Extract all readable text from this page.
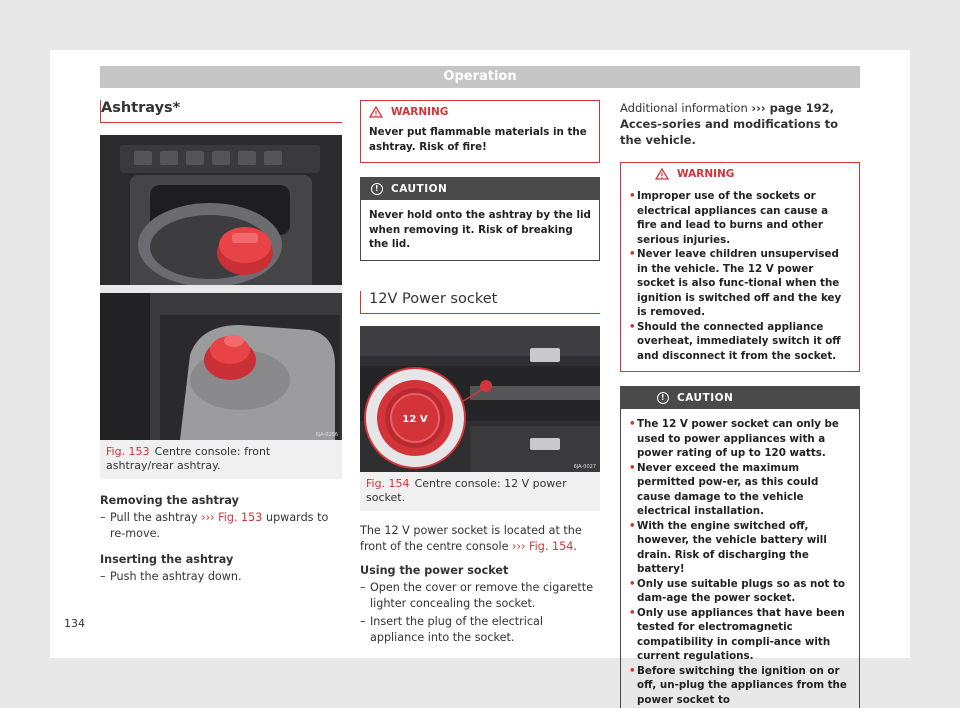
Operation
Ashtrays*
6JA-0256
Fig. 153 Centre console: front ashtray/rear ashtray.
Removing the ashtray
– Pull the ashtray ››› Fig. 153 upwards to re-move.
Inserting the ashtray
– Push the ashtray down.
WARNING
Never put flammable materials in the ashtray. Risk of fire!
!	CAUTION
Never hold onto the ashtray by the lid when removing it. Risk of breaking the lid.
12V Power socket
12 V
6JA-0027
Fig. 154 Centre console: 12 V power socket.
The 12 V power socket is located at the front of the centre console ››› Fig. 154.
Using the power socket
– Open the cover or remove the cigarette lighter concealing the socket.
– Insert the plug of the electrical appliance into the socket.
Additional information ››› page 192, Acces-sories and modifications to the vehicle.
WARNING
• Improper use of the sockets or electrical appliances can cause a fire and lead to burns and other serious injuries.
• Never leave children unsupervised in the vehicle. The 12 V power socket is also func-tional when the ignition is switched off and the key is removed.
• Should the connected appliance overheat, immediately switch it off and disconnect it from the socket.
!	CAUTION
• The 12 V power socket can only be used to power appliances with a power rating of up to 120 watts.
• Never exceed the maximum permitted pow-er, as this could cause damage to the vehicle electrical installation.
• With the engine switched off, however, the vehicle battery will drain. Risk of discharging the battery!
• Only use suitable plugs so as not to dam-age the power socket.
• Only use appliances that have been tested for electromagnetic compatibility in compli-ance with current regulations.
• Before switching the ignition on or off, un-plug the appliances from the power socket to
134
